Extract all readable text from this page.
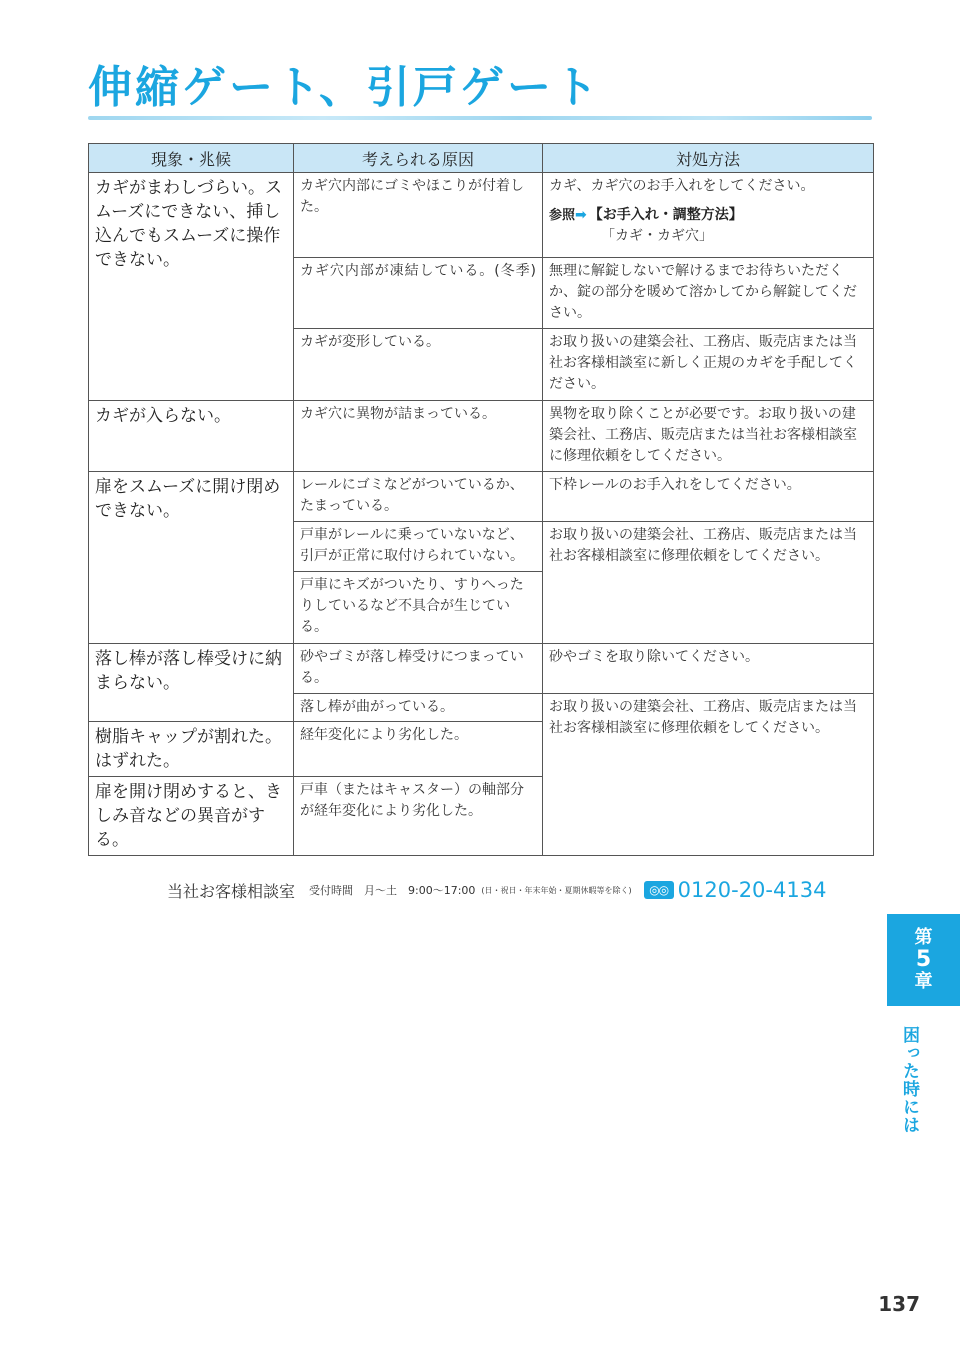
伸縮ゲート、引戸ゲート
現象・兆候	考えられる原因	対処方法
カギがまわしづらい。スムーズにできない、挿し込んでもスムーズに操作できない。	カギ穴内部にゴミやほこりが付着した。	カギ、カギ穴のお手入れをしてください。
参照➡ 【お手入れ・調整方法】
「カギ・カギ穴」

	カギ穴内部が凍結している。(冬季)	無理に解錠しないで解けるまでお待ちいただくか、錠の部分を暖めて溶かしてから解錠してください。
	カギが変形している。	お取り扱いの建築会社、工務店、販売店または当社お客様相談室に新しく正規のカギを手配してください。
カギが入らない。	カギ穴に異物が詰まっている。	異物を取り除くことが必要です。お取り扱いの建築会社、工務店、販売店または当社お客様相談室に修理依頼をしてください。
扉をスムーズに開け閉めできない。	レールにゴミなどがついているか、たまっている。	下枠レールのお手入れをしてください。
	戸車がレールに乗っていないなど、引戸が正常に取付けられていない。	お取り扱いの建築会社、工務店、販売店または当社お客様相談室に修理依頼をしてください。
	戸車にキズがついたり、すりへったりしているなど不具合が生じている。	
落し棒が落し棒受けに納まらない。	砂やゴミが落し棒受けにつまっている。	砂やゴミを取り除いてください。
	落し棒が曲がっている。	お取り扱いの建築会社、工務店、販売店または当社お客様相談室に修理依頼をしてください。
樹脂キャップが割れた。はずれた。	経年変化により劣化した。	
扉を開け閉めすると、きしみ音などの異音がする。	戸車（またはキャスター）の軸部分が経年変化により劣化した。	
当社お客様相談室 受付時間　月〜土　9:00〜17:00 (日・祝日・年末年始・夏期休暇等を除く)	◎◎ 0120-20-4134
第
5
章
困った時には
137
